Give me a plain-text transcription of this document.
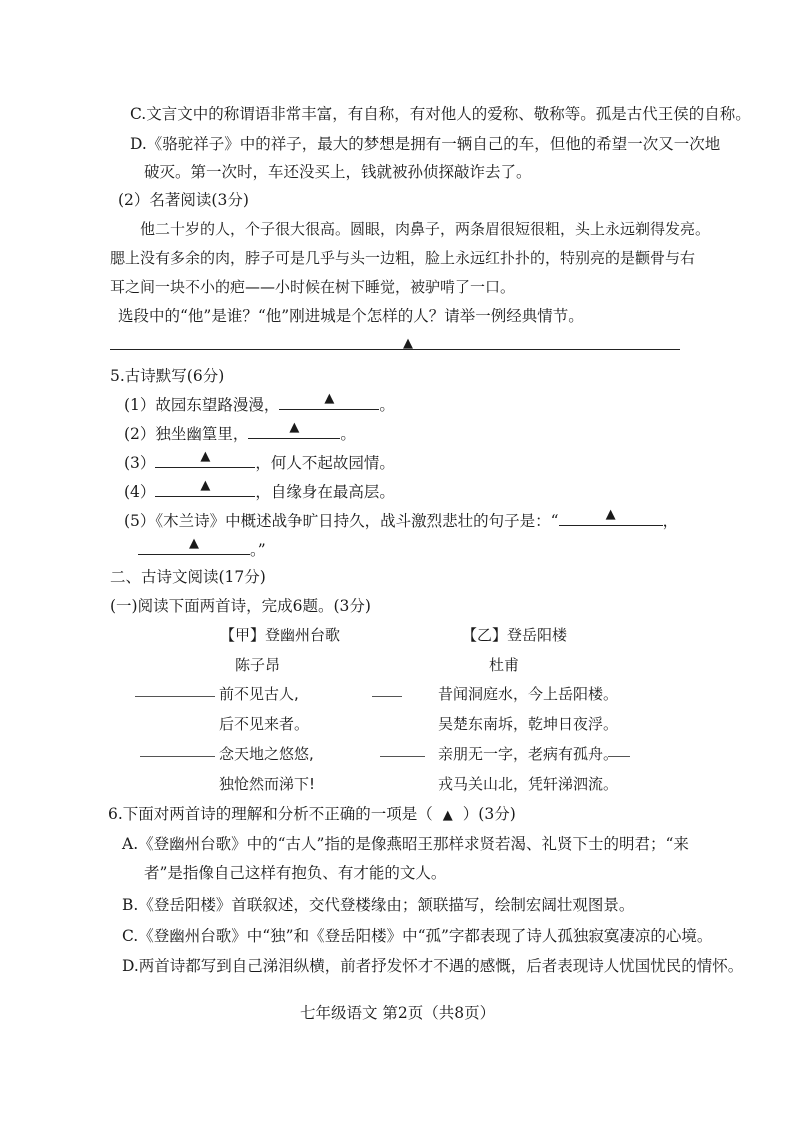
C.文言文中的称谓语非常丰富，有自称，有对他人的爱称、敬称等。孤是古代王侯的自称。
D.《骆驼祥子》中的祥子，最大的梦想是拥有一辆自己的车，但他的希望一次又一次地
破灭。第一次时，车还没买上，钱就被孙侦探敲诈去了。
(2）名著阅读(3分)
他二十岁的人，个子很大很高。圆眼，肉鼻子，两条眉很短很粗，头上永远剃得发亮。
腮上没有多余的肉，脖子可是几乎与头一边粗，脸上永远红扑扑的，特别亮的是颧骨与右
耳之间一块不小的疤——小时候在树下睡觉，被驴啃了一口。
选段中的“他”是谁？“他”刚进城是个怎样的人？请举一例经典情节。
▲
5.古诗默写(6分)
(1）故园东望路漫漫，	▲	。
(2）独坐幽篁里，	▲	。
(3）	▲	，何人不起故园情。
(4）	▲	，自缘身在最高层。
(5）《木兰诗》中概述战争旷日持久，战斗激烈悲壮的句子是：“	▲	，
▲	。”
二、古诗文阅读(17分)
(一)阅读下面两首诗，完成6题。(3分)
【甲】登幽州台歌
陈子昂
前不见古人,
后不见来者。
念天地之悠悠,
独怆然而涕下!
【乙】登岳阳楼
杜甫
昔闻洞庭水，今上岳阳楼。
吴楚东南坼，乾坤日夜浮。
亲朋无一字，老病有孤舟。
戎马关山北，凭轩涕泗流。
6.下面对两首诗的理解和分析不正确的一项是（ ▲ ）(3分)
A.《登幽州台歌》中的“古人”指的是像燕昭王那样求贤若渴、礼贤下士的明君；“来
者”是指像自己这样有抱负、有才能的文人。
B.《登岳阳楼》首联叙述，交代登楼缘由；颔联描写，绘制宏阔壮观图景。
C.《登幽州台歌》中“独”和《登岳阳楼》中“孤”字都表现了诗人孤独寂寞凄凉的心境。
D.两首诗都写到自己涕泪纵横，前者抒发怀才不遇的感慨，后者表现诗人忧国忧民的情怀。
七年级语文 第2页（共8页）
